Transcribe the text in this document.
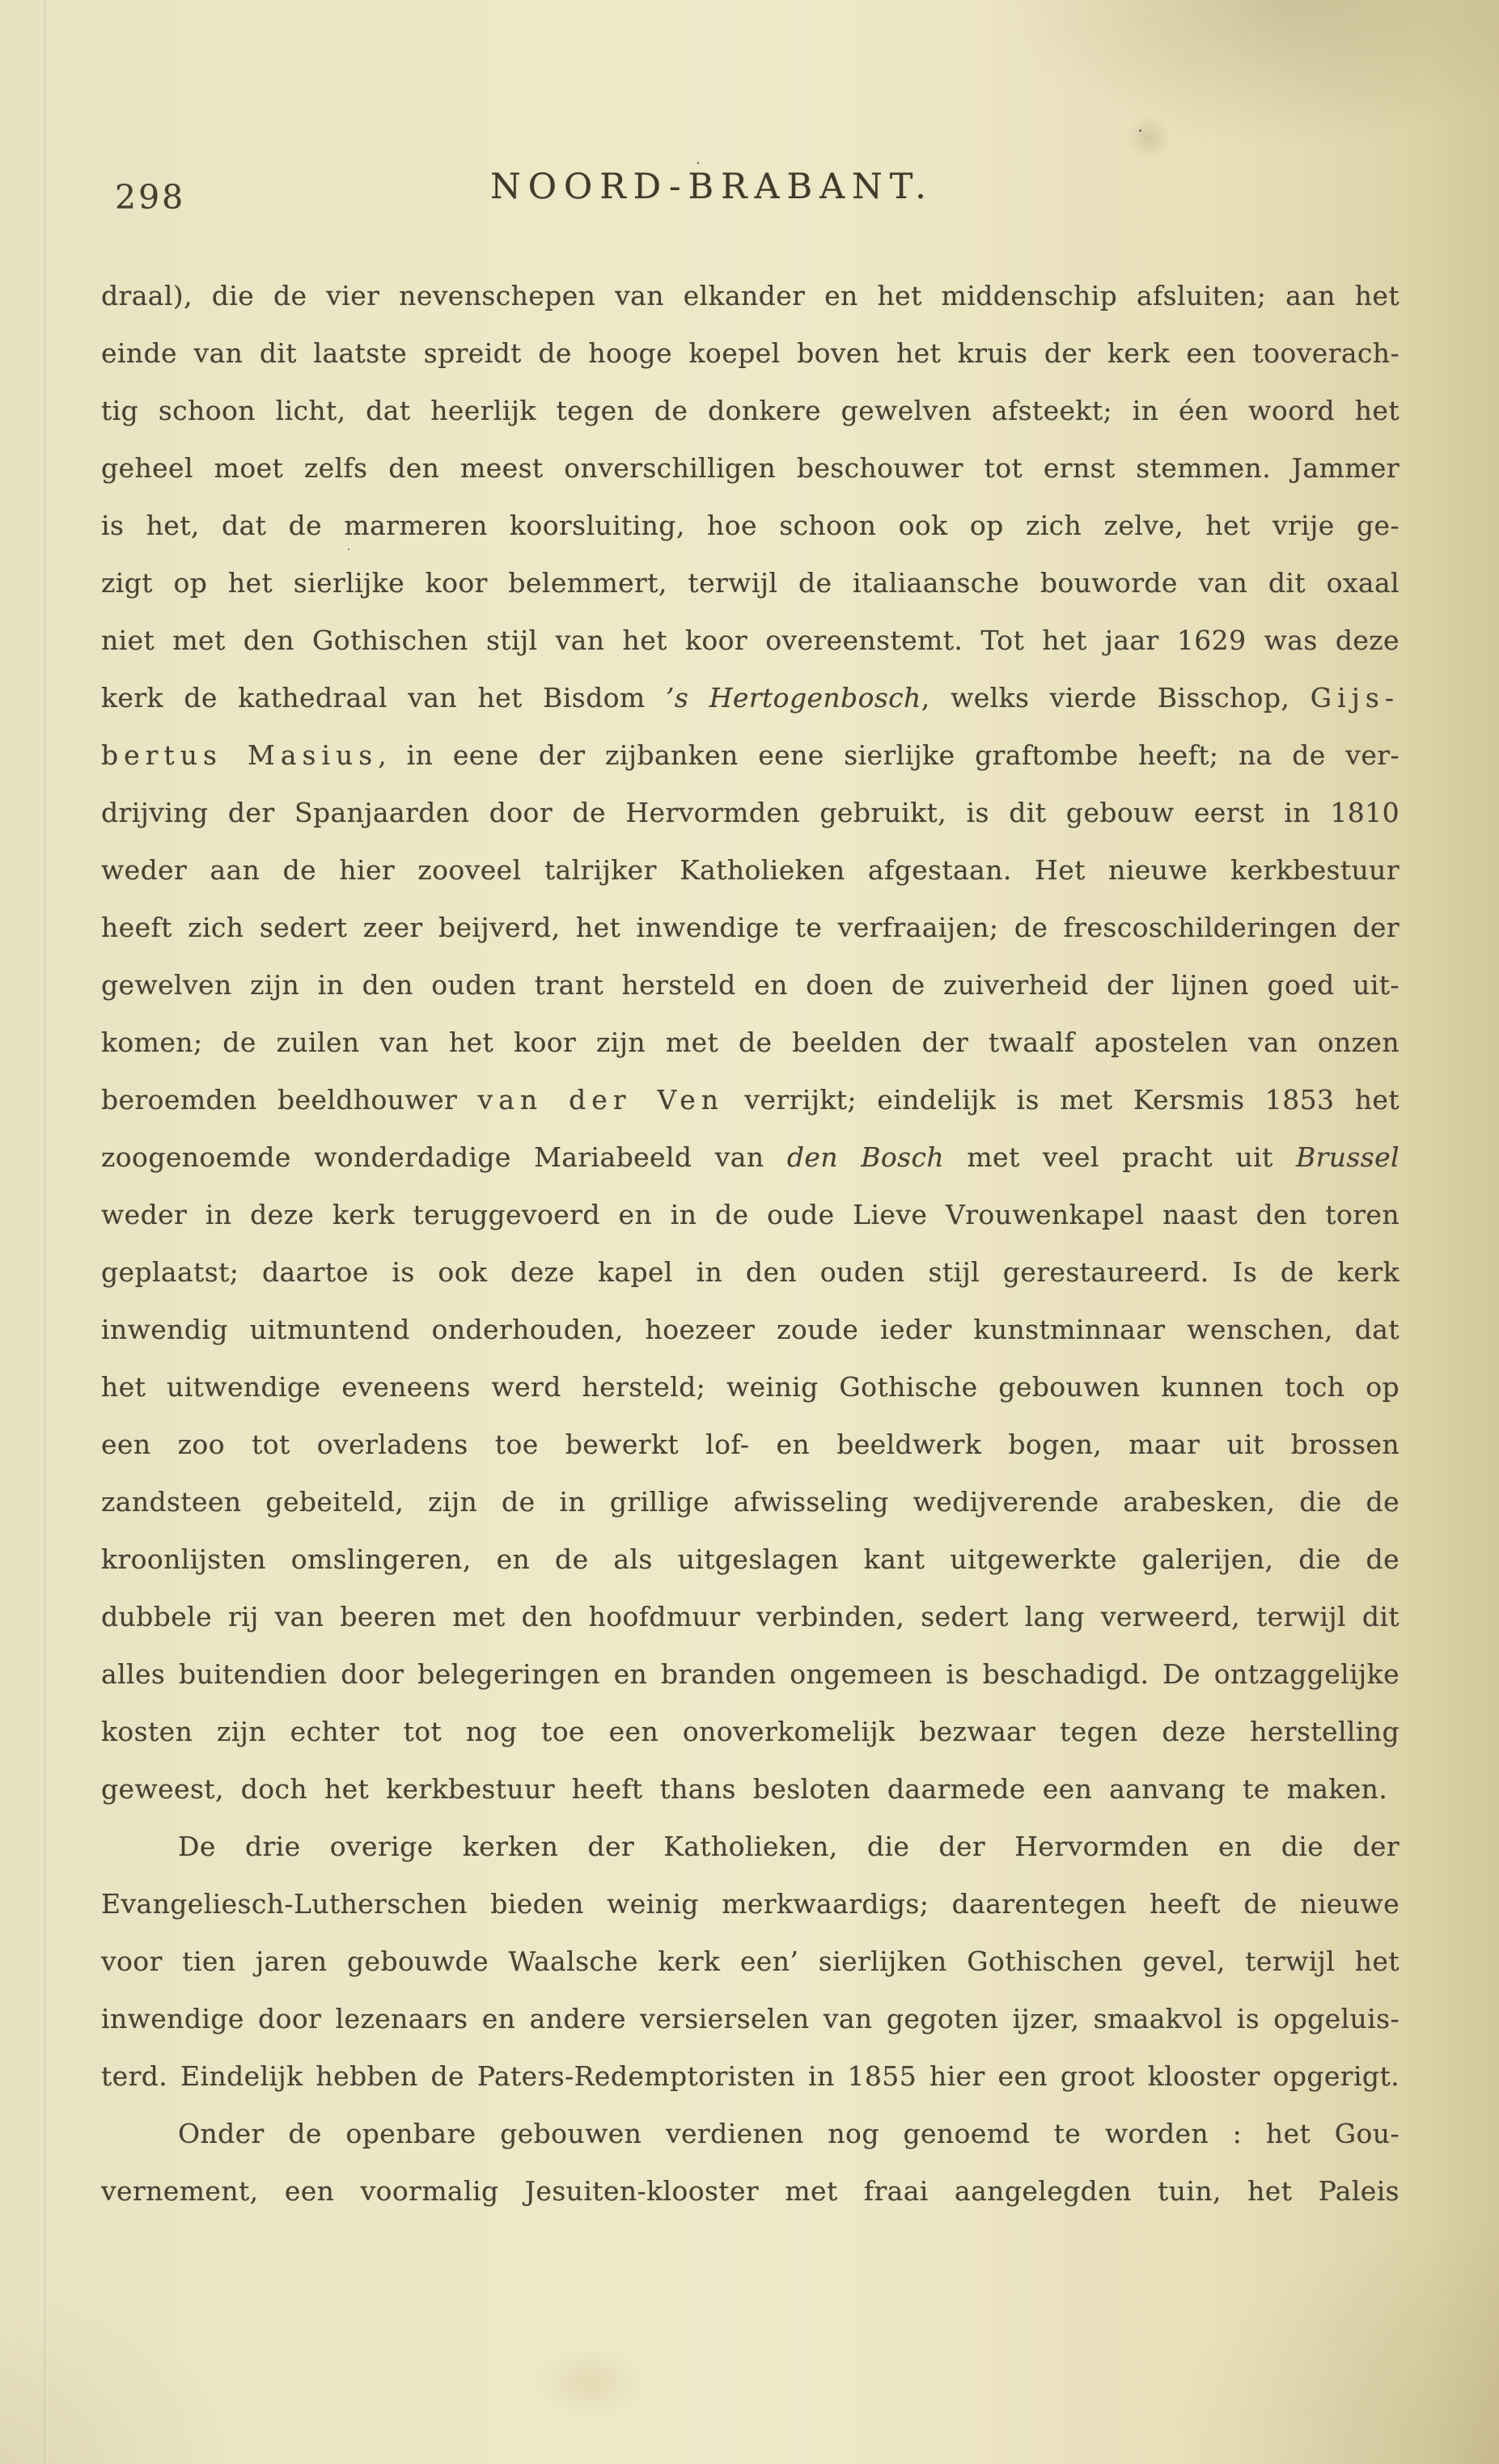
298	NOORD-BRABANT.
draal), die de vier nevenschepen van elkander en het middenschip afsluiten; aan het
einde van dit laatste spreidt de hooge koepel boven het kruis der kerk een tooverach-
tig schoon licht, dat heerlijk tegen de donkere gewelven afsteekt; in éen woord het
geheel moet zelfs den meest onverschilligen beschouwer tot ernst stemmen. Jammer
is het, dat de marmeren koorsluiting, hoe schoon ook op zich zelve, het vrije ge-
zigt op het sierlijke koor belemmert, terwijl de italiaansche bouworde van dit oxaal
niet met den Gothischen stijl van het koor overeenstemt. Tot het jaar 1629 was deze
kerk de kathedraal van het Bisdom ’s Hertogenbosch, welks vierde Bisschop, Gijs-
bertus Masius, in eene der zijbanken eene sierlijke graftombe heeft; na de ver-
drijving der Spanjaarden door de Hervormden gebruikt, is dit gebouw eerst in 1810
weder aan de hier zooveel talrijker Katholieken afgestaan. Het nieuwe kerkbestuur
heeft zich sedert zeer beijverd, het inwendige te verfraaijen; de frescoschilderingen der
gewelven zijn in den ouden trant hersteld en doen de zuiverheid der lijnen goed uit-
komen; de zuilen van het koor zijn met de beelden der twaalf apostelen van onzen
beroemden beeldhouwer van der Ven verrijkt; eindelijk is met Kersmis 1853 het
zoogenoemde wonderdadige Mariabeeld van den Bosch met veel pracht uit Brussel
weder in deze kerk teruggevoerd en in de oude Lieve Vrouwenkapel naast den toren
geplaatst; daartoe is ook deze kapel in den ouden stijl gerestaureerd. Is de kerk
inwendig uitmuntend onderhouden, hoezeer zoude ieder kunstminnaar wenschen, dat
het uitwendige eveneens werd hersteld; weinig Gothische gebouwen kunnen toch op
een zoo tot overladens toe bewerkt lof- en beeldwerk bogen, maar uit brossen
zandsteen gebeiteld, zijn de in grillige afwisseling wedijverende arabesken, die de
kroonlijsten omslingeren, en de als uitgeslagen kant uitgewerkte galerijen, die de
dubbele rij van beeren met den hoofdmuur verbinden, sedert lang verweerd, terwijl dit
alles buitendien door belegeringen en branden ongemeen is beschadigd. De ontzaggelijke
kosten zijn echter tot nog toe een onoverkomelijk bezwaar tegen deze herstelling
geweest, doch het kerkbestuur heeft thans besloten daarmede een aanvang te maken.
De drie overige kerken der Katholieken, die der Hervormden en die der
Evangeliesch-Lutherschen bieden weinig merkwaardigs; daarentegen heeft de nieuwe
voor tien jaren gebouwde Waalsche kerk een’ sierlijken Gothischen gevel, terwijl het
inwendige door lezenaars en andere versierselen van gegoten ijzer, smaakvol is opgeluis-
terd. Eindelijk hebben de Paters-Redemptoristen in 1855 hier een groot klooster opgerigt.
Onder de openbare gebouwen verdienen nog genoemd te worden : het Gou-
vernement, een voormalig Jesuiten-klooster met fraai aangelegden tuin, het Paleis
